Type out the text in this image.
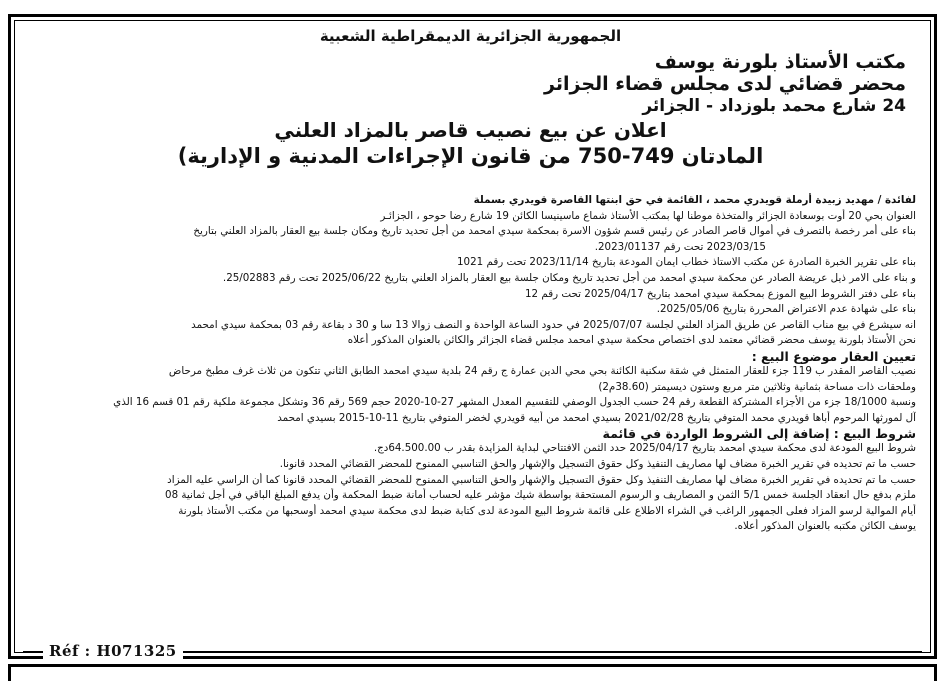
الجمهورية الجزائرية الديمقراطية الشعبية
مكتب الأستاذ بلورنة يوسف
محضر قضائي لدى مجلس قضاء الجزائر
24 شارع محمد بلوزداد - الجزائر
اعلان عن بيع نصيب قاصر بالمزاد العلني
المادتان 749-750 من قانون الإجراءات المدنية و الإدارية)

لفائدة / مهديد زبيدة أرملة قويدري محمد ، القائمة في حق ابنتها القاصرة قويدري بسملة

العنوان بحي 20 أوت بوسعادة الجزائر والمتخذة موطنا لها بمكتب الأستاذ شماع ماسينيسا الكائن 19 شارع رضا حوحو ، الجزائـر

بناء على أمر رخصة بالتصرف في أموال قاصر الصادر عن رئيس قسم شؤون الاسرة بمحكمة سيدي امحمد من أجل تحديد تاريخ ومكان جلسة بيع العقار بالمزاد العلني بتاريخ

2023/03/15 تحت رقم 2023/01137.

بناء على تقرير الخبرة الصادرة عن مكتب الاستاذ خطاب ايمان المودعة بتاريخ 2023/11/14 تحت رقم 1021

و بناء على الامر ذيل عريضة الصادر عن محكمة سيدي امحمد من أجل تحديد تاريخ ومكان جلسة بيع العقار بالمزاد العلني بتاريخ 2025/06/22 تحت رقم 25/02883.

بناء على دفتر الشروط البيع الموزع بمحكمة سيدي امحمد بتاريخ 2025/04/17 تحت رقم 12

بناء على شهادة عدم الاعتراض المحررة بتاريخ 2025/05/06.

انه سيشرع في بيع مناب القاصر عن طريق المزاد العلني لجلسة 2025/07/07 في حدود الساعة الواحدة و النصف زوالا 13 سا و 30 د بقاعة رقم 03 بمحكمة سيدي امحمد

نحن الأستاذ بلورنة يوسف محضر قضائي معتمد لدى اختصاص محكمة سيدي امحمد مجلس قضاء الجزائر والكائن بالعنوان المذكور أعلاه

تعيين العقار موضوع البيع :

نصيب القاصر المقدر ب 119 جزء للعقار المتمثل في شقة سكنية الكائنة بحي محي الدين عمارة ج رقم 24 بلدية سيدي امحمد الطابق الثاني تتكون من ثلاث غرف مطبخ مرحاض

وملحقات ذات مساحة بثمانية وثلاثين متر مربع وستون ديسيمتر (38.60م2)

ونسبة 18/1000 جزء من الأجزاء المشتركة القطعة رقم 24 حسب الجدول الوصفي للتقسيم المعدل المشهر 27-10-2020 حجم 569 رقم 36 وتشكل مجموعة ملكية رقم 01 قسم 16 الذي

آل لمورثها المرحوم أباها قويدري محمد المتوفي بتاريخ 2021/02/28 بسيدي امحمد من أبيه قويدري لخضر المتوفي بتاريخ 11-10-2015 بسيدي امحمد

شروط البيع : إضافة إلى الشروط الواردة في قائمة

شروط البيع المودعة لدى محكمة سيدي امحمد بتاريخ 2025/04/17 حدد الثمن الافتتاحي لبداية المزايدة بقدر ب 64.500.00دج.

حسب ما تم تحديده في تقرير الخبرة مضاف لها مصاريف التنفيذ وكل حقوق التسجيل والإشهار والحق التناسبي الممنوح للمحضر القضائي المحدد قانونا.

حسب ما تم تحديده في تقرير الخبرة مضاف لها مصاريف التنفيذ وكل حقوق التسجيل والإشهار والحق التناسبي الممنوح للمحضر القضائي المحدد قانونا كما أن الراسي عليه المزاد

ملزم بدفع حال انعقاد الجلسة خمس 5/1 الثمن و المصاريف و الرسوم المستحقة بواسطة شيك مؤشر عليه لحساب أمانة ضبط المحكمة وأن يدفع المبلغ الباقي في أجل ثمانية 08

أيام الموالية لرسو المزاد فعلى الجمهور الراغب في الشراء الاطلاع على قائمة شروط البيع المودعة لدى كتابة ضبط لدى محكمة سيدي امحمد أوسحبها من مكتب الأستاذ بلورنة

يوسف الكائن مكتبه بالعنوان المذكور أعلاه.

Réf : H071325
